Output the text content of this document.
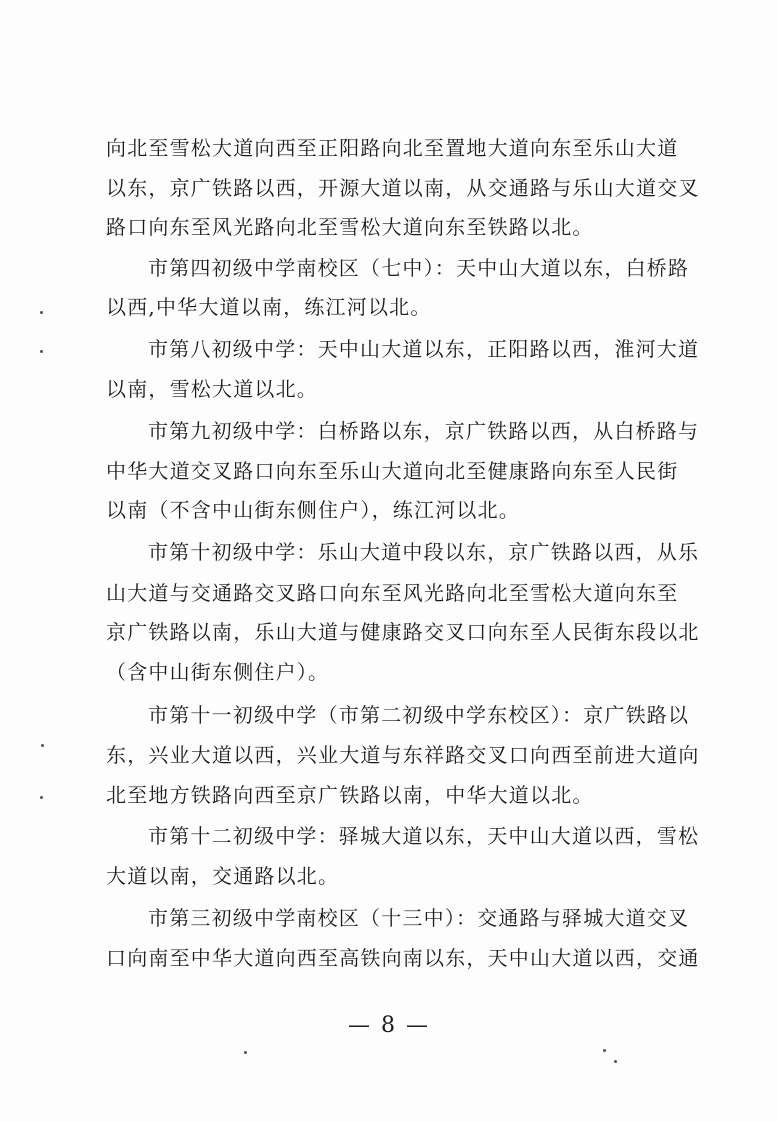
向北至雪松大道向西至正阳路向北至置地大道向东至乐山大道
以东，京广铁路以西，开源大道以南，从交通路与乐山大道交叉
路口向东至风光路向北至雪松大道向东至铁路以北。
市第四初级中学南校区（七中）：天中山大道以东，白桥路
以西,中华大道以南，练江河以北。
市第八初级中学：天中山大道以东，正阳路以西，淮河大道
以南，雪松大道以北。
市第九初级中学：白桥路以东，京广铁路以西，从白桥路与
中华大道交叉路口向东至乐山大道向北至健康路向东至人民街
以南（不含中山街东侧住户），练江河以北。
市第十初级中学：乐山大道中段以东，京广铁路以西，从乐
山大道与交通路交叉路口向东至风光路向北至雪松大道向东至
京广铁路以南，乐山大道与健康路交叉口向东至人民街东段以北
（含中山街东侧住户）。
市第十一初级中学（市第二初级中学东校区）：京广铁路以
东，兴业大道以西，兴业大道与东祥路交叉口向西至前进大道向
北至地方铁路向西至京广铁路以南，中华大道以北。
市第十二初级中学：驿城大道以东，天中山大道以西，雪松
大道以南，交通路以北。
市第三初级中学南校区（十三中）：交通路与驿城大道交叉
口向南至中华大道向西至高铁向南以东，天中山大道以西，交通
— 8 —
